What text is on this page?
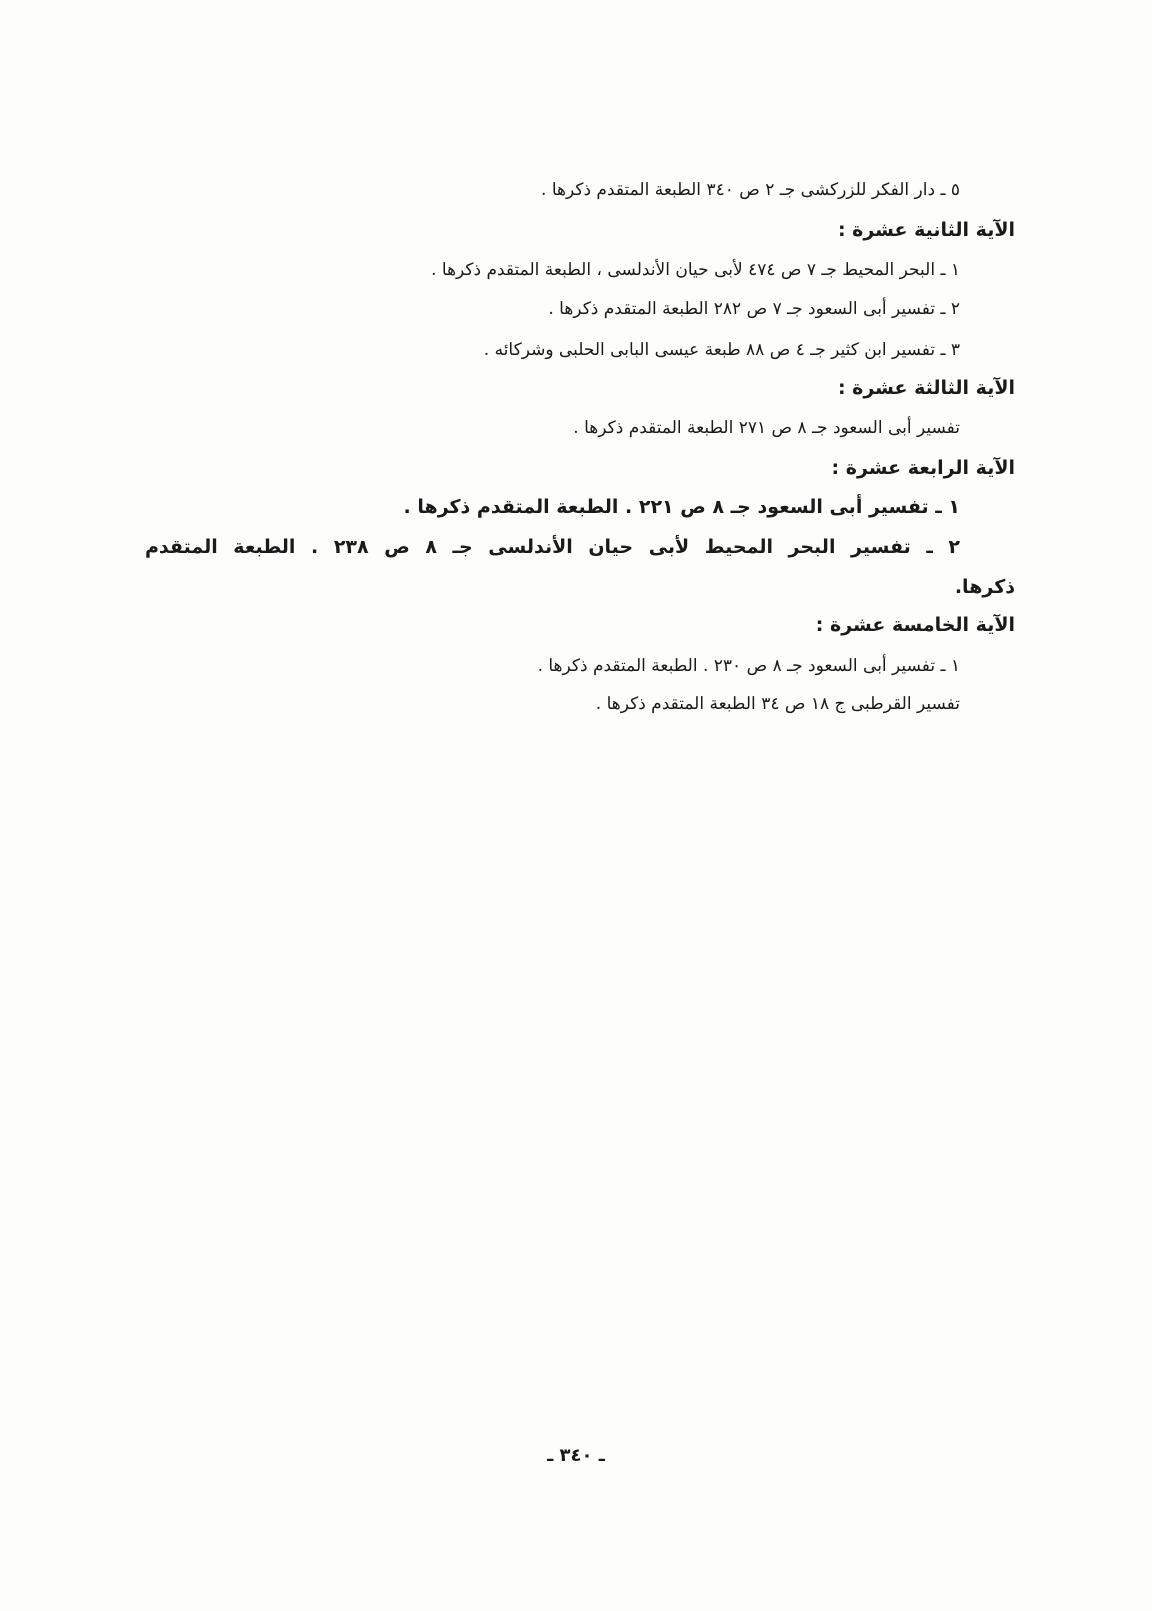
٥ ـ دار الفكر للزركشى جـ ٢ ص ٣٤٠ الطبعة المتقدم ذكرها .
الآية الثانية عشرة :
١ ـ البحر المحيط جـ ٧ ص ٤٧٤ لأبى حيان الأندلسى ، الطبعة المتقدم ذكرها .
٢ ـ تفسير أبى السعود جـ ٧ ص ٢٨٢ الطبعة المتقدم ذكرها .
٣ ـ تفسير ابن كثير جـ ٤ ص ٨٨ طبعة عيسى البابى الحلبى وشركائه .
الآية الثالثة عشرة :
تفسير أبى السعود جـ ٨ ص ٢٧١ الطبعة المتقدم ذكرها .
الآية الرابعة عشرة :
١ ـ تفسير أبى السعود جـ ٨ ص ٢٢١ . الطبعة المتقدم ذكرها .
٢ ـ تفسير البحر المحيط لأبى حيان الأندلسى جـ ٨ ص ٢٣٨ . الطبعة المتقدم
ذكرها.
الآية الخامسة عشرة :
١ ـ تفسير أبى السعود جـ ٨ ص ٢٣٠ . الطبعة المتقدم ذكرها .
تفسير القرطبى ج ١٨ ص ٣٤ الطبعة المتقدم ذكرها .
ـ ٣٤٠ ـ
